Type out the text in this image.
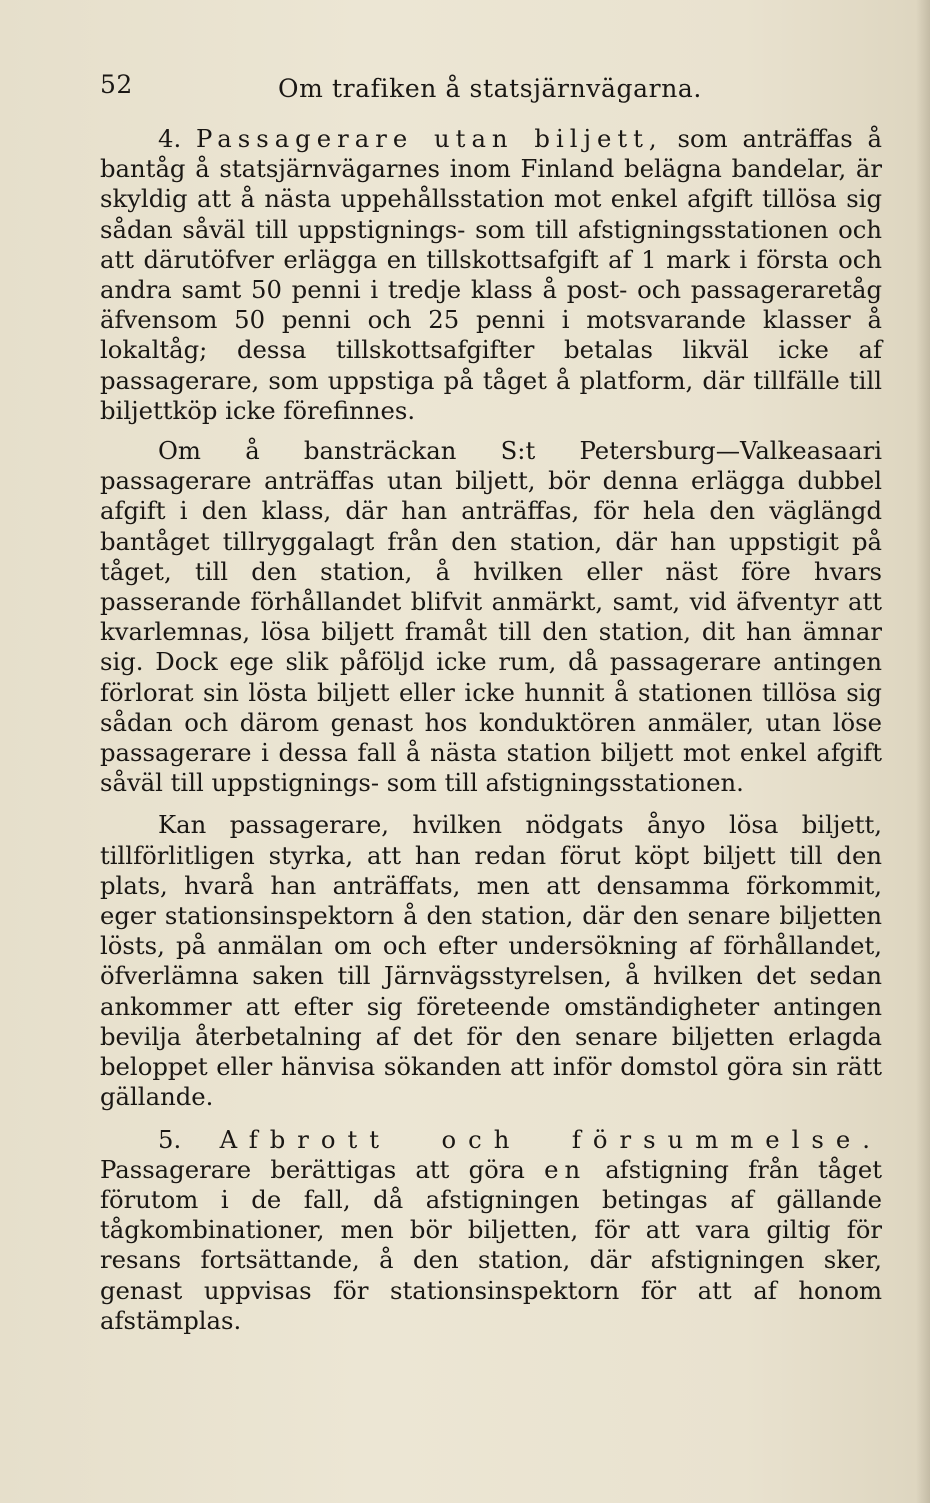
52	Om trafiken å statsjärnvägarna.

4. Passagerare utan biljett, som anträffas å bantåg å statsjärnvägarnes inom Finland belägna bandelar, är skyldig att å nästa uppehållsstation mot enkel afgift tillösa sig sådan såväl till uppstignings- som till afstigningsstationen och att därutöfver erlägga en tillskottsafgift af 1 mark i första och andra samt 50 penni i tredje klass å post- och passageraretåg äfvensom 50 penni och 25 penni i motsvarande klasser å lokaltåg; dessa tillskottsafgifter betalas likväl icke af passagerare, som uppstiga på tåget å platform, där tillfälle till biljettköp icke förefinnes.

Om å bansträckan S:t Petersburg—Valkeasaari passagerare anträffas utan biljett, bör denna erlägga dubbel afgift i den klass, där han anträffas, för hela den väglängd bantåget tillryggalagt från den station, där han uppstigit på tåget, till den station, å hvilken eller näst före hvars passerande förhållandet blifvit anmärkt, samt, vid äfventyr att kvarlemnas, lösa biljett framåt till den station, dit han ämnar sig. Dock ege slik påföljd icke rum, då passagerare antingen förlorat sin lösta biljett eller icke hunnit å stationen tillösa sig sådan och därom genast hos konduktören anmäler, utan löse passagerare i dessa fall å nästa station biljett mot enkel afgift såväl till uppstignings- som till afstigningsstationen.

Kan passagerare, hvilken nödgats ånyo lösa biljett, tillförlitligen styrka, att han redan förut köpt biljett till den plats, hvarå han anträffats, men att densamma förkommit, eger stationsinspektorn å den station, där den senare biljetten lösts, på anmälan om och efter undersökning af förhållandet, öfverlämna saken till Järnvägsstyrelsen, å hvilken det sedan ankommer att efter sig företeende omständigheter antingen bevilja återbetalning af det för den senare biljetten erlagda beloppet eller hänvisa sökanden att inför domstol göra sin rätt gällande.

5. Afbrott och försummelse. Passagerare berättigas att göra en afstigning från tåget förutom i de fall, då afstigningen betingas af gällande tågkombinationer, men bör biljetten, för att vara giltig för resans fortsättande, å den station, där afstigningen sker, genast uppvisas för stationsinspektorn för att af honom afstämplas.
